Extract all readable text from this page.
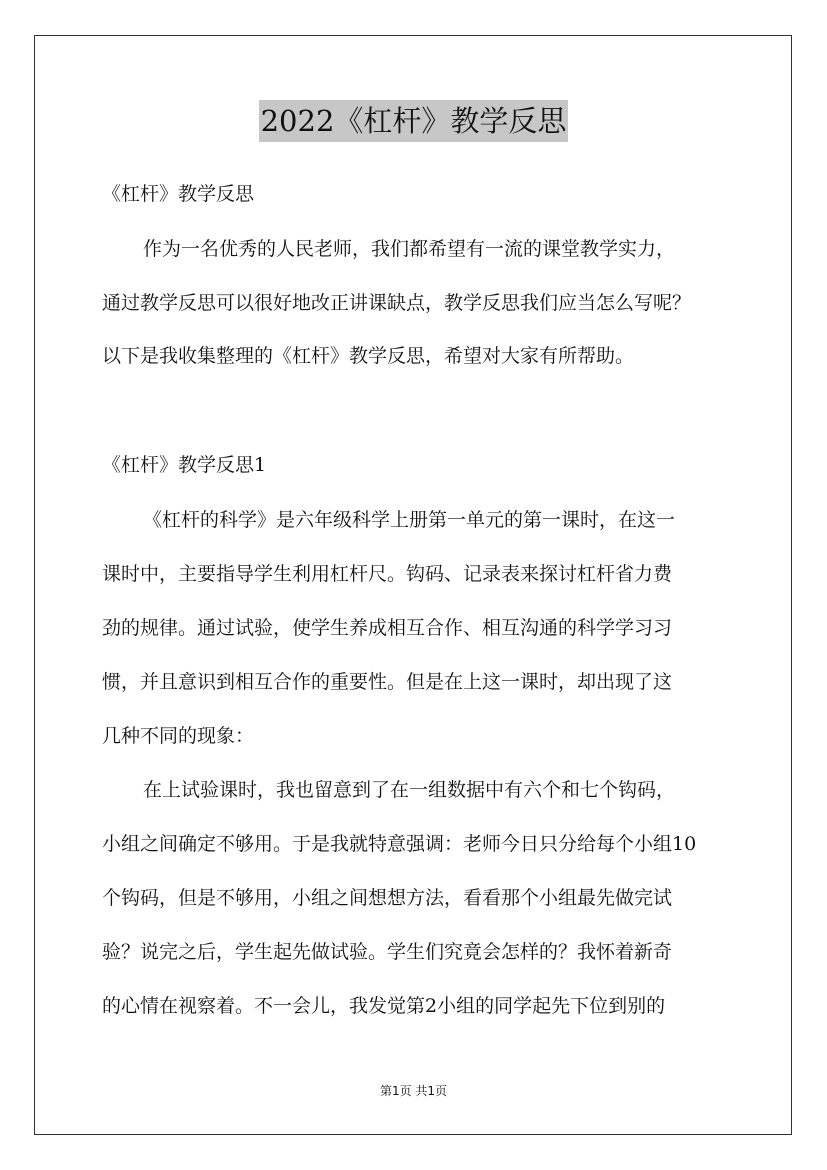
2022《杠杆》教学反思
《杠杆》教学反思
作为一名优秀的人民老师，我们都希望有一流的课堂教学实力，
通过教学反思可以很好地改正讲课缺点，教学反思我们应当怎么写呢？
以下是我收集整理的《杠杆》教学反思，希望对大家有所帮助。
《杠杆》教学反思1
《杠杆的科学》是六年级科学上册第一单元的第一课时，在这一
课时中，主要指导学生利用杠杆尺。钩码、记录表来探讨杠杆省力费
劲的规律。通过试验，使学生养成相互合作、相互沟通的科学学习习
惯，并且意识到相互合作的重要性。但是在上这一课时，却出现了这
几种不同的现象：
在上试验课时，我也留意到了在一组数据中有六个和七个钩码，
小组之间确定不够用。于是我就特意强调：老师今日只分给每个小组10
个钩码，但是不够用，小组之间想想方法，看看那个小组最先做完试
验？说完之后，学生起先做试验。学生们究竟会怎样的？我怀着新奇
的心情在视察着。不一会儿，我发觉第2小组的同学起先下位到别的
第1页 共1页
